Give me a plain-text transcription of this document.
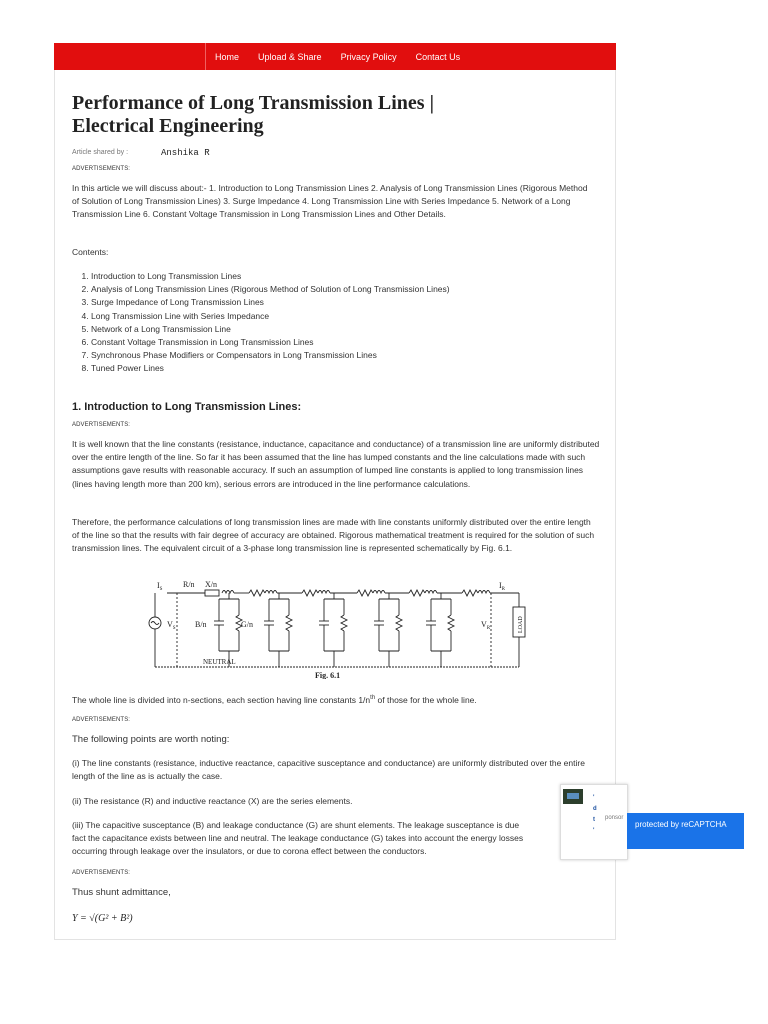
Home Upload & Share Privacy Policy Contact Us
Performance of Long Transmission Lines |
Electrical Engineering
Article shared by :	Anshika R
ADVERTISEMENTS:

In this article we will discuss about:- 1. Introduction to Long Transmission Lines 2. Analysis of Long Transmission Lines (Rigorous Method of Solution of Long Transmission Lines) 3. Surge Impedance 4. Long Transmission Line with Series Impedance 5. Network of a Long Transmission Line 6. Constant Voltage Transmission in Long Transmission Lines and Other Details.

Contents:

1. Introduction to Long Transmission Lines
2. Analysis of Long Transmission Lines (Rigorous Method of Solution of Long Transmission Lines)
3. Surge Impedance of Long Transmission Lines
4. Long Transmission Line with Series Impedance
5. Network of a Long Transmission Line
6. Constant Voltage Transmission in Long Transmission Lines
7. Synchronous Phase Modifiers or Compensators in Long Transmission Lines
8. Tuned Power Lines
1. Introduction to Long Transmission Lines:
ADVERTISEMENTS:

It is well known that the line constants (resistance, inductance, capacitance and conductance) of a transmission line are uniformly distributed over the entire length of the line. So far it has been assumed that the line has lumped constants and the line calculations made with such assumptions gave results with reasonable accuracy. If such an assumption of lumped line constants is applied to long transmission lines (lines having length more than 200 km), serious errors are introduced in the line performance calculations.

Therefore, the performance calculations of long transmission lines are made with line constants uniformly distributed over the entire length of the line so that the results with fair degree of accuracy are obtained. Rigorous mathematical treatment is required for the solution of such transmission lines. The equivalent circuit of a 3-phase long transmission line is represented schematically by Fig. 6.1.

$I_S$
R/n X/n	$I_R$
$V_S$ B/n	G/n	$V_R$	LOAD
NEUTRAL
Fig. 6.1

The whole line is divided into n-sections, each section having line constants $1/n^{th}$ of those for the whole line.

ADVERTISEMENTS:

The following points are worth noting:

(i) The line constants (resistance, inductive reactance, capacitive susceptance and conductance) are uniformly distributed over the entire length of the line as is actually the case.

(ii) The resistance (R) and inductive reactance (X) are the series elements.

(iii) The capacitive susceptance (B) and leakage conductance (G) are shunt elements. The leakage susceptance is due

fact the capacitance exists between line and neutral. The leakage conductance (G) takes into account the energy losses

occurring through leakage over the insulators, or due to corona effect between the conductors.

ADVERTISEMENTS:

Thus shunt admittance,

Y = √(G² + B²)
'
d
t
'
ponsor
protected by reCAPTCHA
